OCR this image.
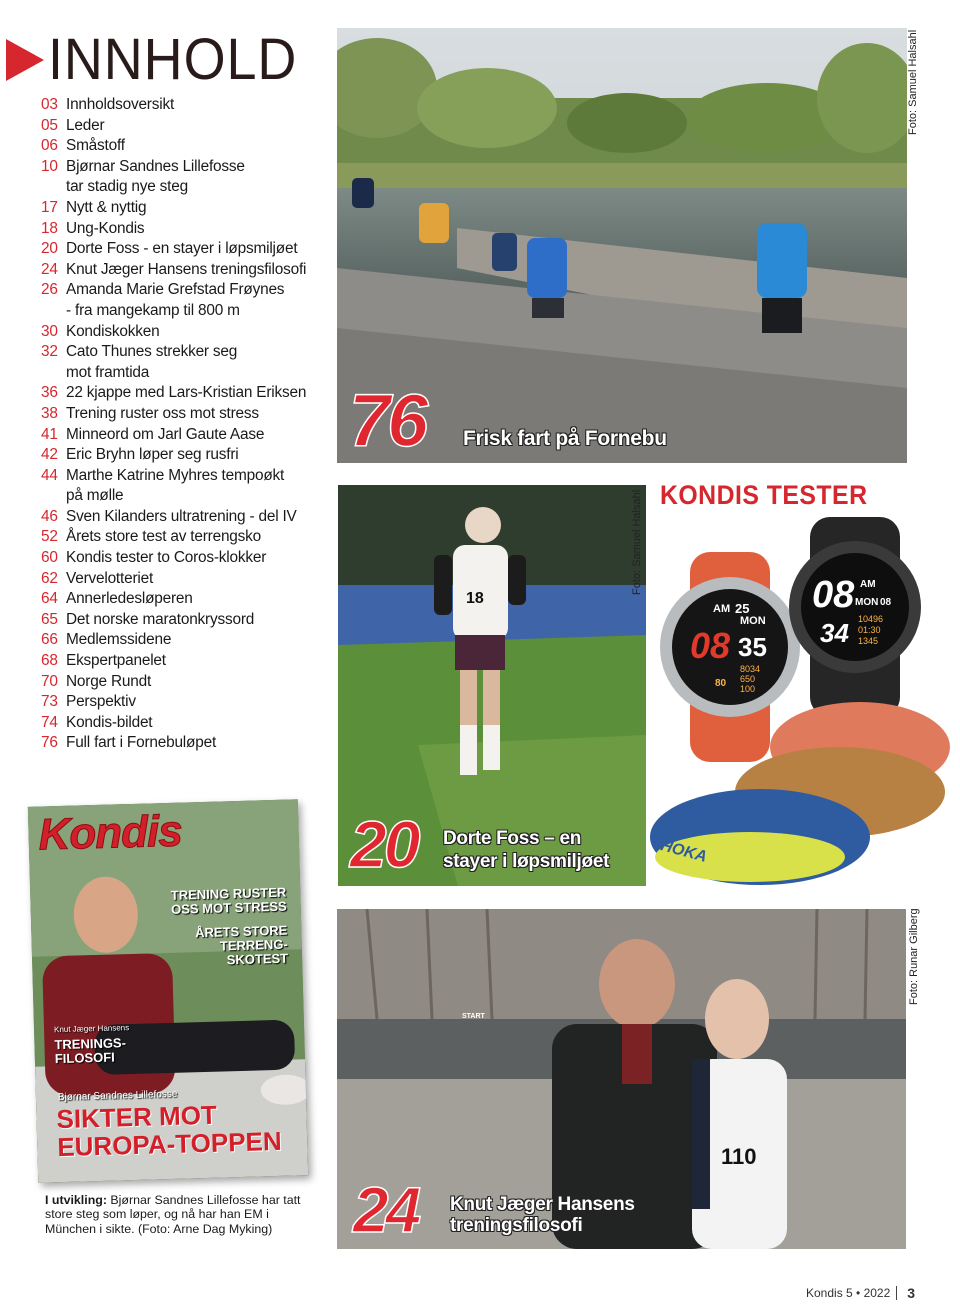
INNHOLD
03 Innholdsoversikt
05 Leder
06 Småstoff
10 Bjørnar Sandnes Lillefosse
tar stadig nye steg
17 Nytt & nyttig
18 Ung-Kondis
20 Dorte Foss - en stayer i løpsmiljøet
24 Knut Jæger Hansens treningsfilosofi
26 Amanda Marie Grefstad Frøynes
- fra mangekamp til 800 m
30 Kondiskokken
32 Cato Thunes strekker seg
mot framtida
36 22 kjappe med Lars-Kristian Eriksen
38 Trening ruster oss mot stress
41 Minneord om Jarl Gaute Aase
42 Eric Bryhn løper seg rusfri
44 Marthe Katrine Myhres tempoøkt
på mølle
46 Sven Kilanders ultratrening - del IV
52 Årets store test av terrengsko
60 Kondis tester to Coros-klokker
62 Vervelotteriet
64 Annerledesløperen
65 Det norske maratonkryssord
66 Medlemssidene
68 Ekspertpanelet
70 Norge Rundt
73 Perspektiv
74 Kondis-bildet
76 Full fart i Fornebuløpet
76 Frisk fart på Fornebu
Foto: Samuel Halsahl
18
20 Dorte Foss – en
stayer i løpsmiljøet
Foto: Samuel Halsahl KONDIS TESTER
AM 25
MON
08 35
8034
650
100
80
08 AM
MON 08
34 10496
01:30
1345
HOKA
110
START
24 Knut Jæger Hansens
treningsfilosofi
Foto: Runar Gilberg
Kondis
TRENING RUSTER
OSS MOT STRESS
ÅRETS STORE
TERRENG-
SKOTEST
Knut Jæger Hansens
TRENINGS-
FILOSOFI
Bjørnar Sandnes Lillefosse
SIKTER MOT
EUROPA-TOPPEN
I utvikling: Bjørnar Sandnes Lillefosse har tatt store steg som løper, og nå har han EM i München i sikte. (Foto: Arne Dag Myking)
Kondis 5 • 2022 3
